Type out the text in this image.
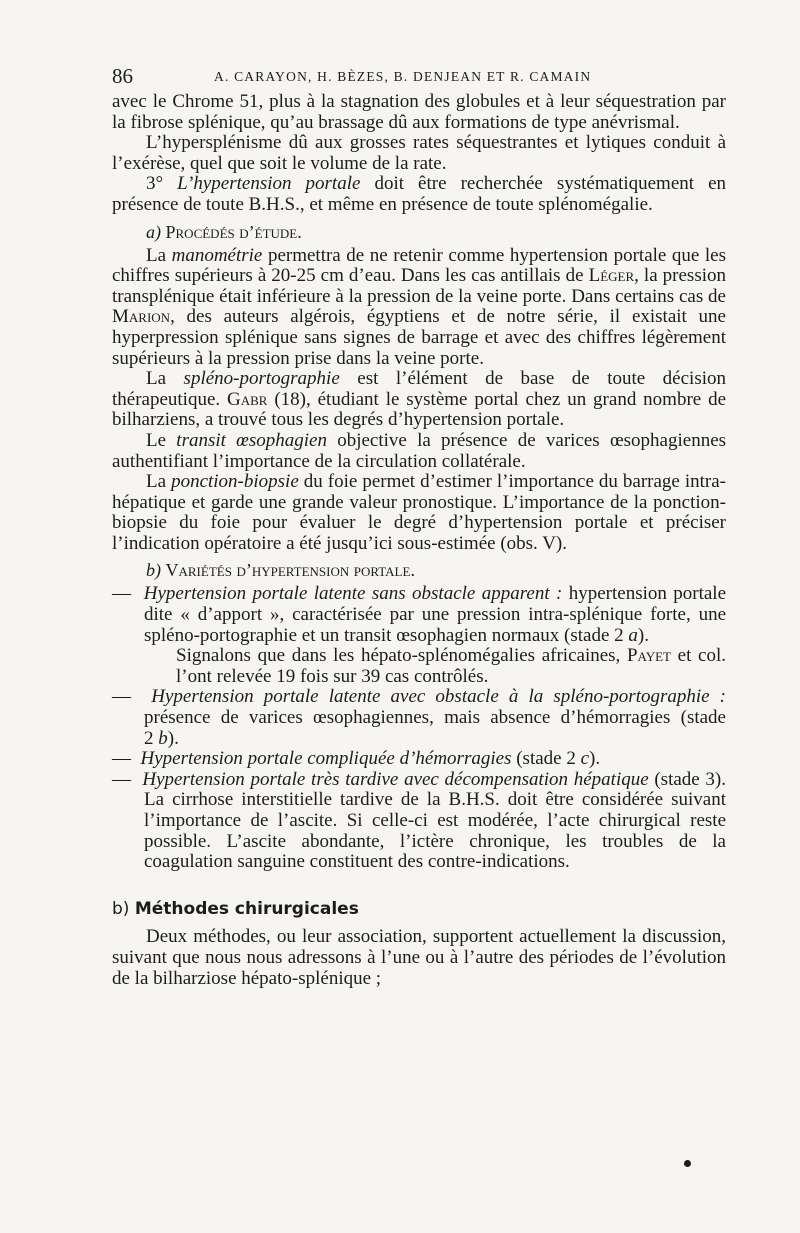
86	A. CARAYON, H. BÈZES, B. DENJEAN ET R. CAMAIN

avec le Chrome 51, plus à la stagnation des globules et à leur séquestration par la fibrose splénique, qu’au brassage dû aux formations de type anévrismal.

L’hypersplénisme dû aux grosses rates séquestrantes et lytiques conduit à l’exérèse, quel que soit le volume de la rate.

3° L’hypertension portale doit être recherchée systématiquement en présence de toute B.H.S., et même en présence de toute splénomégalie.

a) Procédés d’étude.

La manométrie permettra de ne retenir comme hypertension portale que les chiffres supérieurs à 20-25 cm d’eau. Dans les cas antillais de Léger, la pression transplénique était inférieure à la pression de la veine porte. Dans certains cas de Marion, des auteurs algérois, égyptiens et de notre série, il existait une hyperpression splénique sans signes de barrage et avec des chiffres légèrement supérieurs à la pression prise dans la veine porte.

La spléno-portographie est l’élément de base de toute décision thérapeutique. Gabr (18), étudiant le système portal chez un grand nombre de bilharziens, a trouvé tous les degrés d’hypertension portale.

Le transit œsophagien objective la présence de varices œsophagiennes authentifiant l’importance de la circulation collatérale.

La ponction-biopsie du foie permet d’estimer l’importance du barrage intra-hépatique et garde une grande valeur pronostique. L’importance de la ponction-biopsie du foie pour évaluer le degré d’hypertension portale et préciser l’indication opératoire a été jusqu’ici sous-estimée (obs. V).

b) Variétés d’hypertension portale.

— Hypertension portale latente sans obstacle apparent : hypertension portale dite « d’apport », caractérisée par une pression intra-splénique forte, une spléno-portographie et un transit œsophagien normaux (stade 2 a).

Signalons que dans les hépato-splénomégalies africaines, Payet et col. l’ont relevée 19 fois sur 39 cas contrôlés.

— Hypertension portale latente avec obstacle à la spléno-portographie : présence de varices œsophagiennes, mais absence d’hémorragies (stade 2 b).

— Hypertension portale compliquée d’hémorragies (stade 2 c).

— Hypertension portale très tardive avec décompensation hépatique (stade 3). La cirrhose interstitielle tardive de la B.H.S. doit être considérée suivant l’importance de l’ascite. Si celle-ci est modérée, l’acte chirurgical reste possible. L’ascite abondante, l’ictère chronique, les troubles de la coagulation sanguine constituent des contre-indications.

b) Méthodes chirurgicales

Deux méthodes, ou leur association, supportent actuellement la discussion, suivant que nous nous adressons à l’une ou à l’autre des périodes de l’évolution de la bilharziose hépato-splénique ;
